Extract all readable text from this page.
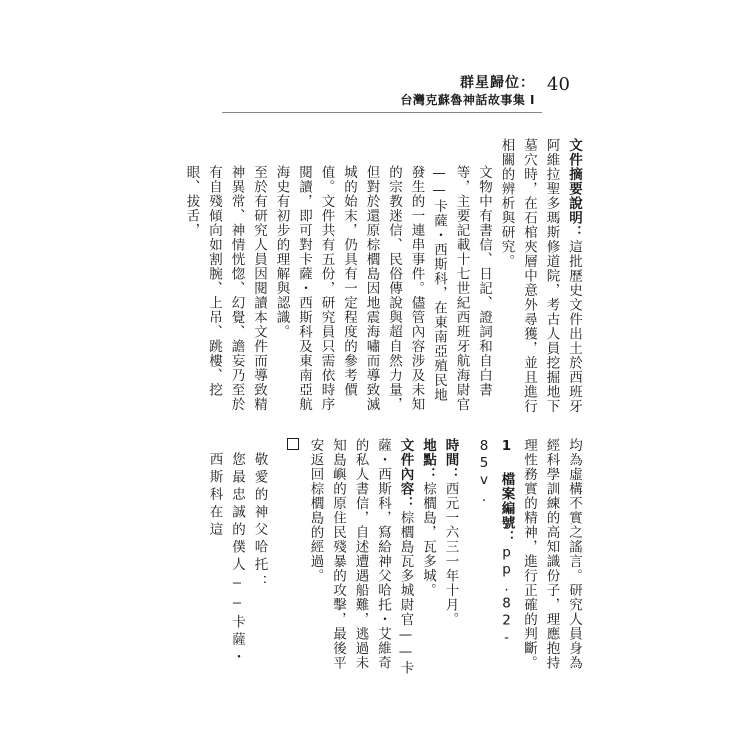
群星歸位：
台灣克蘇魯神話故事集 I
40

文件摘要說明：這批歷史文件出土於西班牙阿維拉聖多瑪斯修道院，考古人員挖掘地下墓穴時，在石棺夾層中意外尋獲，並且進行相關的辨析與研究。

文物中有書信、日記、證詞和自白書等，主要記載十七世紀西班牙航海尉官——卡薩・西斯科，在東南亞殖民地發生的一連串事件。儘管內容涉及未知的宗教迷信、民俗傳說與超自然力量，但對於還原棕櫚島因地震海嘯而導致滅城的始末，仍具有一定程度的參考價值。文件共有五份，研究員只需依時序閱讀，即可對卡薩・西斯科及東南亞航海史有初步的理解與認識。

至於有研究人員因閱讀本文件而導致精神異常、神情恍惚、幻覺、譫妄乃至於有自殘傾向如割腕、上吊、跳樓、挖眼、拔舌，

均為虛構不實之謠言。研究人員身為經科學訓練的高知識份子，理應抱持理性務實的精神，進行正確的判斷。

1 檔案編號：pp.82-85v.

時間：西元一六三一年十月。

地點：棕櫚島，瓦多城。

文件內容：棕櫚島瓦多城尉官——卡薩・西斯科，寫給神父哈托・艾維奇的私人書信，自述遭遇船難，逃過未知島嶼的原住民殘暴的攻擊，最後平安返回棕櫚島的經過。

敬愛的神父哈托：

您最忠誠的僕人——卡薩・西斯科在這
